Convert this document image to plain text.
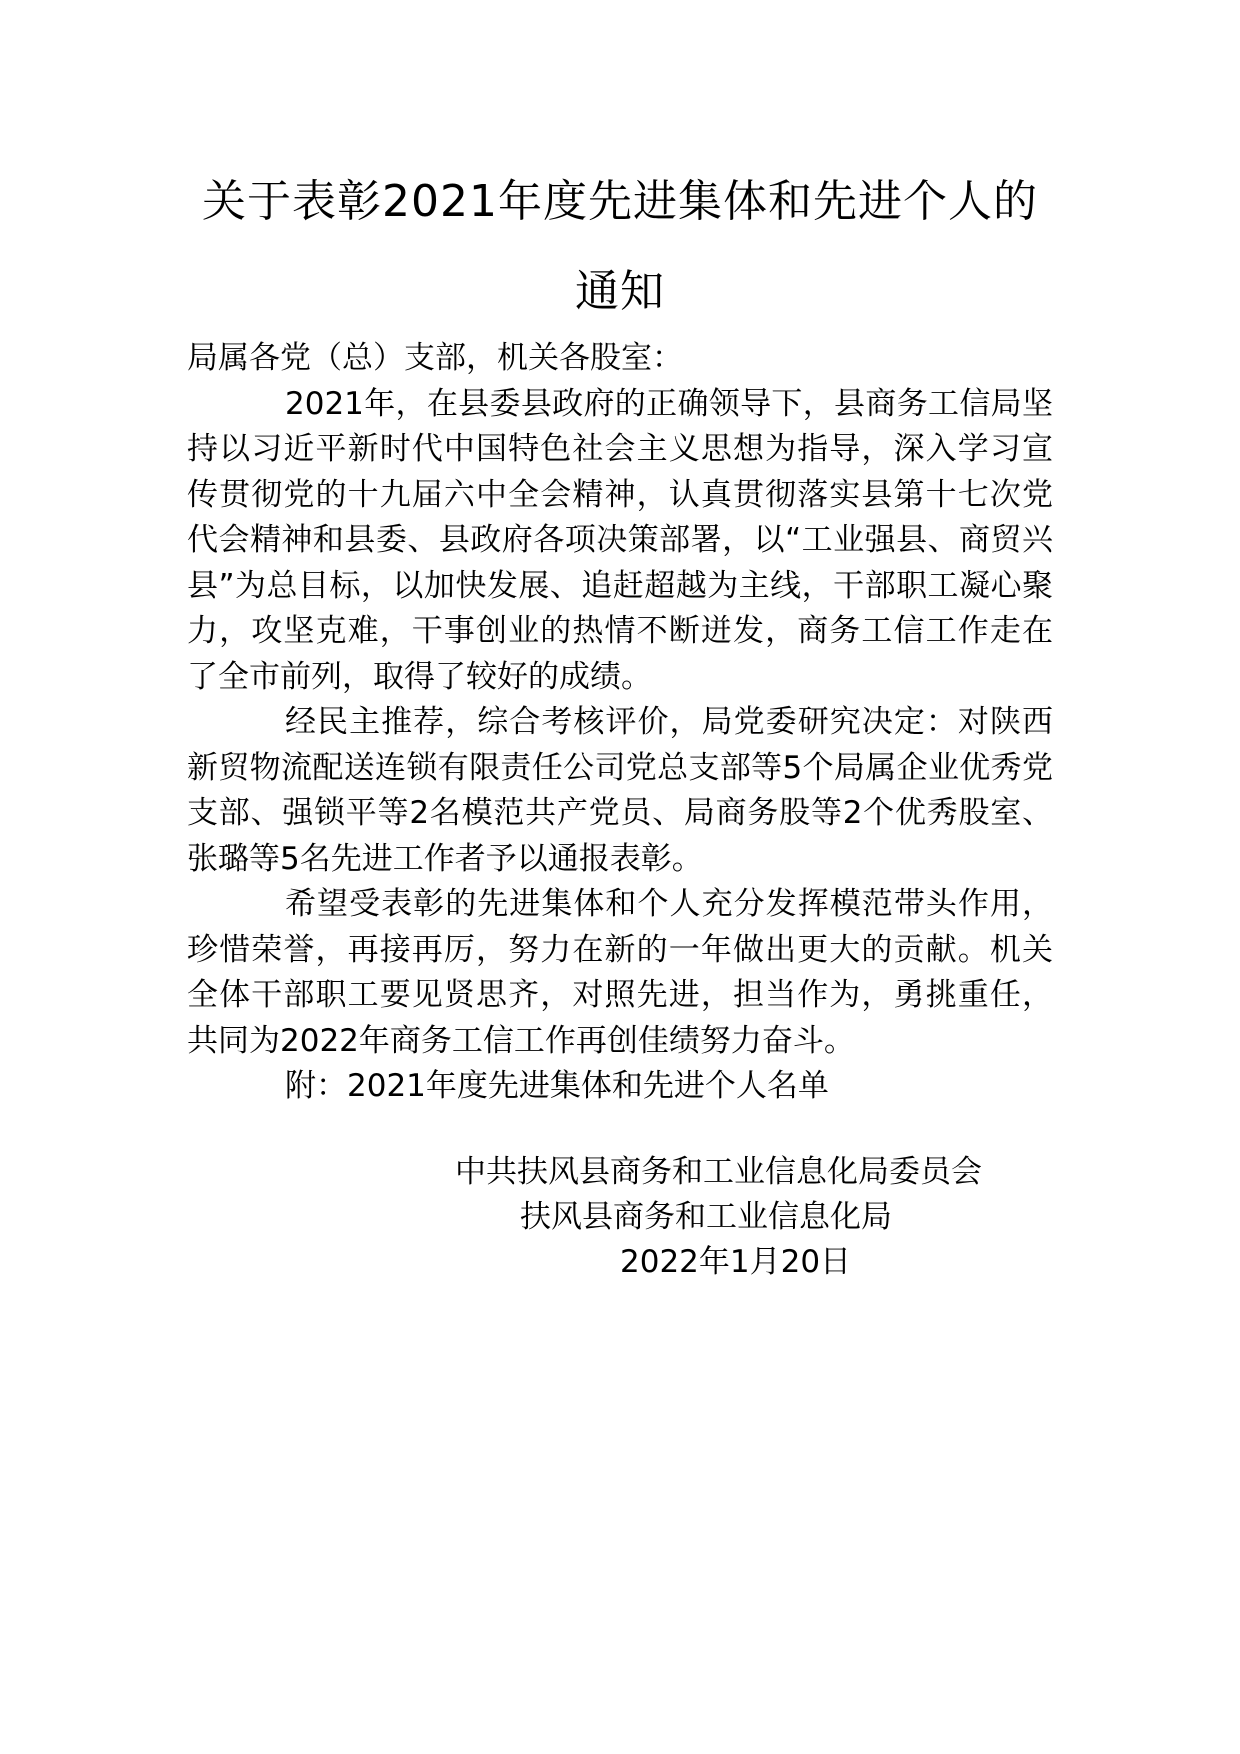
关于表彰2021年度先进集体和先进个人的
通知

局属各党（总）支部，机关各股室：

2021年，在县委县政府的正确领导下，县商务工信局坚持以习近平新时代中国特色社会主义思想为指导，深入学习宣传贯彻党的十九届六中全会精神，认真贯彻落实县第十七次党代会精神和县委、县政府各项决策部署，以“工业强县、商贸兴县”为总目标，以加快发展、追赶超越为主线，干部职工凝心聚力，攻坚克难，干事创业的热情不断迸发，商务工信工作走在了全市前列，取得了较好的成绩。

经民主推荐，综合考核评价，局党委研究决定：对陕西新贸物流配送连锁有限责任公司党总支部等5个局属企业优秀党支部、强锁平等2名模范共产党员、局商务股等2个优秀股室、张璐等5名先进工作者予以通报表彰。

希望受表彰的先进集体和个人充分发挥模范带头作用，珍惜荣誉，再接再厉，努力在新的一年做出更大的贡献。机关全体干部职工要见贤思齐，对照先进，担当作为，勇挑重任，共同为2022年商务工信工作再创佳绩努力奋斗。

附：2021年度先进集体和先进个人名单

中共扶风县商务和工业信息化局委员会
扶风县商务和工业信息化局
2022年1月20日
